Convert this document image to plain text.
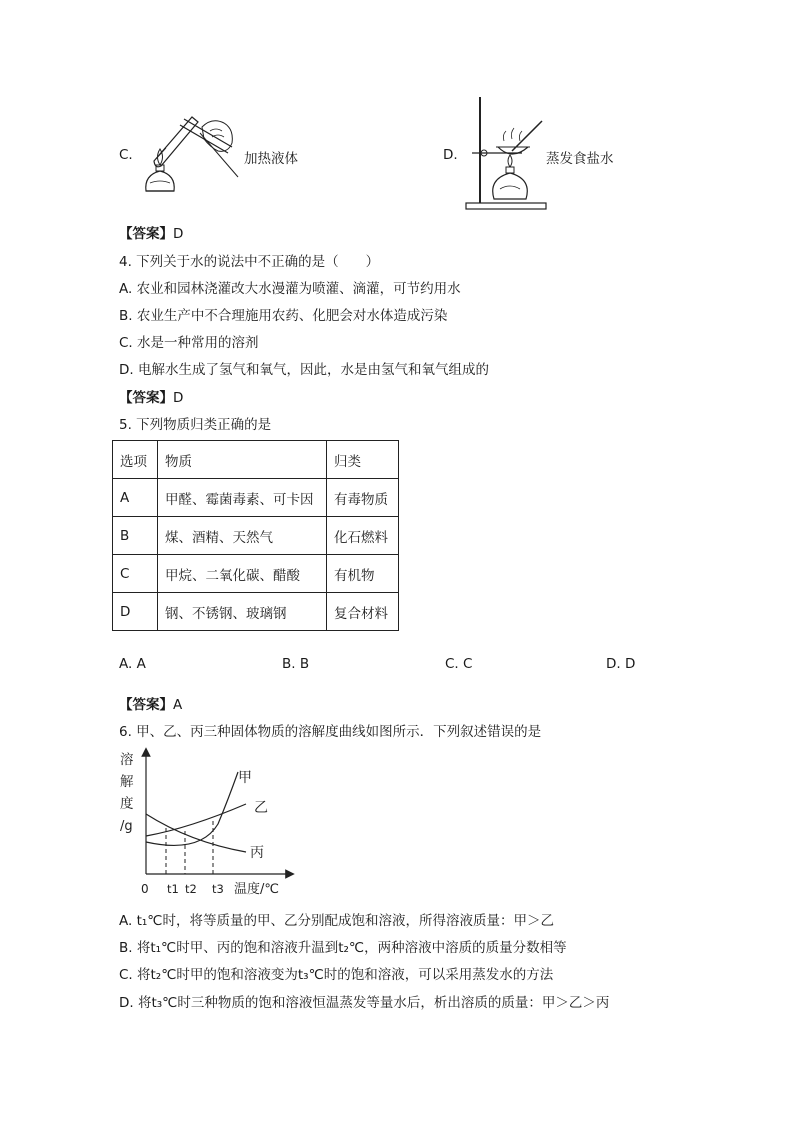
C.	加热液体	D.	蒸发食盐水
【答案】D
4. 下列关于水的说法中不正确的是（　　）
A. 农业和园林浇灌改大水漫灌为喷灌、滴灌，可节约用水
B. 农业生产中不合理施用农药、化肥会对水体造成污染
C. 水是一种常用的溶剂
D. 电解水生成了氢气和氧气，因此，水是由氢气和氧气组成的
【答案】D
5. 下列物质归类正确的是
选项	物质	归类
A	甲醛、霉菌毒素、可卡因	有毒物质
B	煤、酒精、天然气	化石燃料
C	甲烷、二氧化碳、醋酸	有机物
D	钢、不锈钢、玻璃钢	复合材料
A. A	B. B	C. C	D. D
【答案】A
6. 甲、乙、丙三种固体物质的溶解度曲线如图所示．下列叙述错误的是
溶
解
度
/g
甲
乙
丙
0 t1 t2 t3 温度/℃
A. t₁℃时，将等质量的甲、乙分别配成饱和溶液，所得溶液质量：甲＞乙
B. 将t₁℃时甲、丙的饱和溶液升温到t₂℃，两种溶液中溶质的质量分数相等
C. 将t₂℃时甲的饱和溶液变为t₃℃时的饱和溶液，可以采用蒸发水的方法
D. 将t₃℃时三种物质的饱和溶液恒温蒸发等量水后，析出溶质的质量：甲＞乙＞丙
